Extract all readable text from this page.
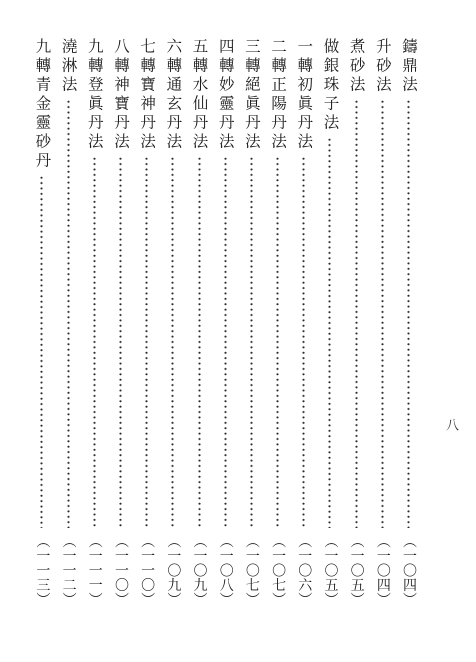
鑄鼎法
（一〇四）
升砂法
（一〇四）
煮砂法
（一〇五）
做銀珠子法
（一〇五）
一轉初眞丹法
（一〇六）
二轉正陽丹法
（一〇七）
三轉絕眞丹法
（一〇七）
四轉妙靈丹法
（一〇八）
五轉水仙丹法
（一〇九）
六轉通玄丹法
（一〇九）
七轉寶神丹法
（一一〇）
八轉神寶丹法
（一一〇）
九轉登眞丹法
（一一一）
澆淋法
（一一二）
九轉青金靈砂丹
（一一三）
八
